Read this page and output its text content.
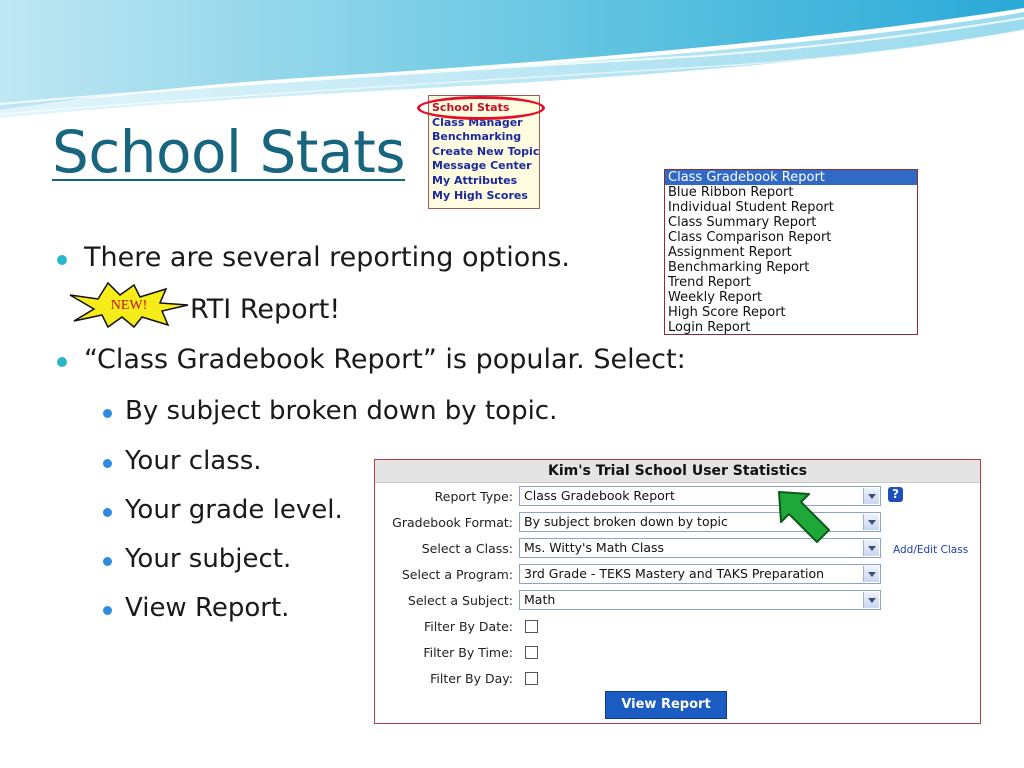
School Stats
School Stats
Class Manager
Benchmarking
Create New Topic
Message Center
My Attributes
My High Scores
Class Gradebook Report
Blue Ribbon Report
Individual Student Report
Class Summary Report
Class Comparison Report
Assignment Report
Benchmarking Report
Trend Report
Weekly Report
High Score Report
Login Report
There are several reporting options.
NEW! RTI Report!
“Class Gradebook Report” is popular. Select:
By subject broken down by topic.
Your class.
Your grade level.
Your subject.
View Report.
Kim's Trial School User Statistics
Report Type: Class Gradebook Report	?
Gradebook Format: By subject broken down by topic
Select a Class: Ms. Witty's Math Class	Add/Edit Class
Select a Program: 3rd Grade - TEKS Mastery and TAKS Preparation
Select a Subject: Math
Filter By Date:
Filter By Time:
Filter By Day:
View Report
